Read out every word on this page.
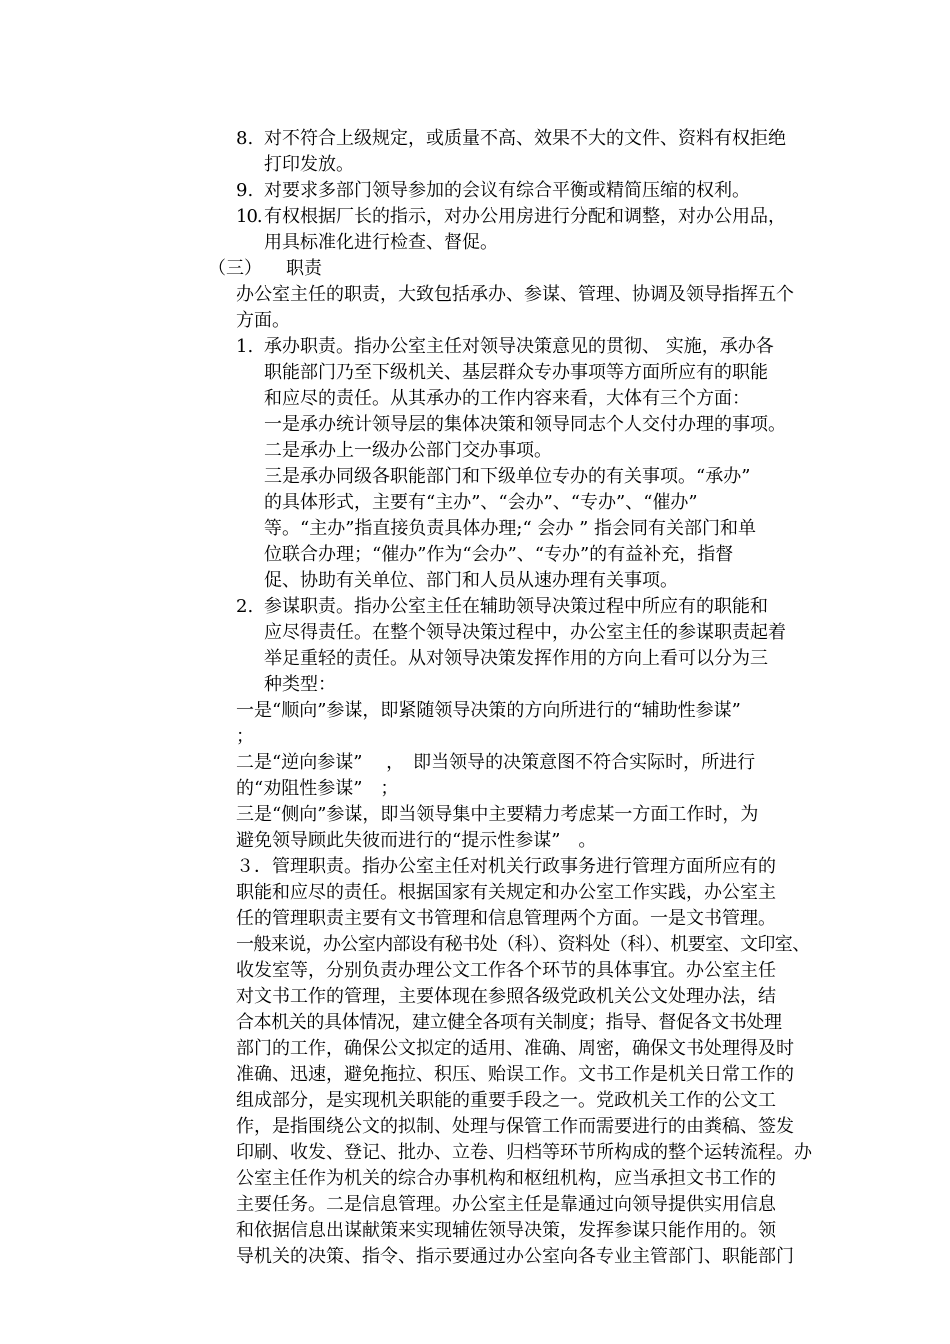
8. 对不符合上级规定，或质量不高、效果不大的文件、资料有权拒绝
打印发放。
9. 对要求多部门领导参加的会议有综合平衡或精简压缩的权利。
10. 有权根据厂长的指示，对办公用房进行分配和调整，对办公用品，
用具标准化进行检查、督促。
（三） 职责
办公室主任的职责，大致包括承办、参谋、管理、协调及领导指挥五个
方面。
1. 承办职责。指办公室主任对领导决策意见的贯彻、 实施，承办各
职能部门乃至下级机关、基层群众专办事项等方面所应有的职能
和应尽的责任。从其承办的工作内容来看，大体有三个方面：
一是承办统计领导层的集体决策和领导同志个人交付办理的事项。
二是承办上一级办公部门交办事项。
三是承办同级各职能部门和下级单位专办的有关事项。“承办”
的具体形式，主要有“主办”、“会办”、“专办”、“催办”
等。“主办”指直接负责具体办理;“ 会办 ” 指会同有关部门和单
位联合办理；“催办”作为“会办”、“专办”的有益补充，指督
促、协助有关单位、部门和人员从速办理有关事项。
2. 参谋职责。指办公室主任在辅助领导决策过程中所应有的职能和
应尽得责任。在整个领导决策过程中，办公室主任的参谋职责起着
举足重轻的责任。从对领导决策发挥作用的方向上看可以分为三
种类型：
一是“顺向”参谋，即紧随领导决策的方向所进行的“辅助性参谋”
；
二是“逆向参谋”　 ，　即当领导的决策意图不符合实际时，所进行
的“劝阻性参谋”　；
三是“侧向”参谋，即当领导集中主要精力考虑某一方面工作时，为
避免领导顾此失彼而进行的“提示性参谋”　。
３．管理职责。指办公室主任对机关行政事务进行管理方面所应有的
职能和应尽的责任。根据国家有关规定和办公室工作实践，办公室主
任的管理职责主要有文书管理和信息管理两个方面。一是文书管理。
一般来说，办公室内部设有秘书处（科）、资料处（科）、机要室、文印室、
收发室等，分别负责办理公文工作各个环节的具体事宜。办公室主任
对文书工作的管理，主要体现在参照各级党政机关公文处理办法，结
合本机关的具体情况，建立健全各项有关制度；指导、督促各文书处理
部门的工作，确保公文拟定的适用、准确、周密，确保文书处理得及时
准确、迅速，避免拖拉、积压、贻误工作。文书工作是机关日常工作的
组成部分，是实现机关职能的重要手段之一。党政机关工作的公文工
作，是指围绕公文的拟制、处理与保管工作而需要进行的由粪稿、签发
印刷、收发、登记、批办、立卷、归档等环节所构成的整个运转流程。办
公室主任作为机关的综合办事机构和枢纽机构，应当承担文书工作的
主要任务。二是信息管理。办公室主任是靠通过向领导提供实用信息
和依据信息出谋献策来实现辅佐领导决策，发挥参谋只能作用的。领
导机关的决策、指令、指示要通过办公室向各专业主管部门、职能部门
